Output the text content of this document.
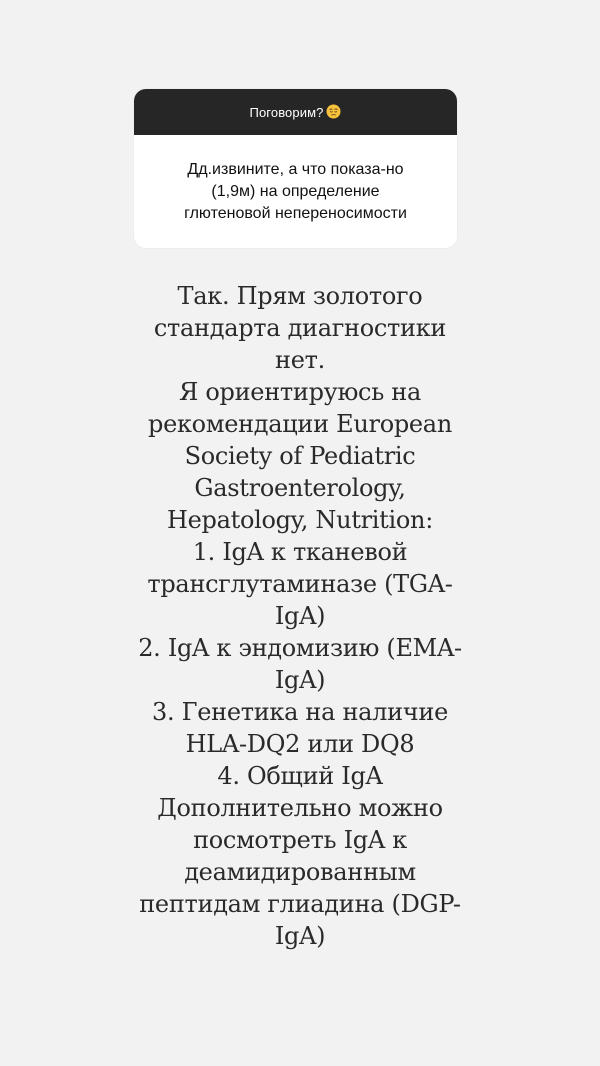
Поговорим?
Дд.извините, а что показа-но
(1,9м) на определение
глютеновой непереносимости
Так. Прям золотого
стандарта диагностики
нет.
Я ориентируюсь на
рекомендации European
Society of Pediatric
Gastroenterology,
Hepatology, Nutrition:
1. IgA к тканевой
трансглутаминазе (TGA-
IgA)
2. IgA к эндомизию (EMA-
IgA)
3. Генетика на наличие
HLA-DQ2 или DQ8
4. Общий IgA
Дополнительно можно
посмотреть IgA к
деамидированным
пептидам глиадина (DGP-
IgA)
